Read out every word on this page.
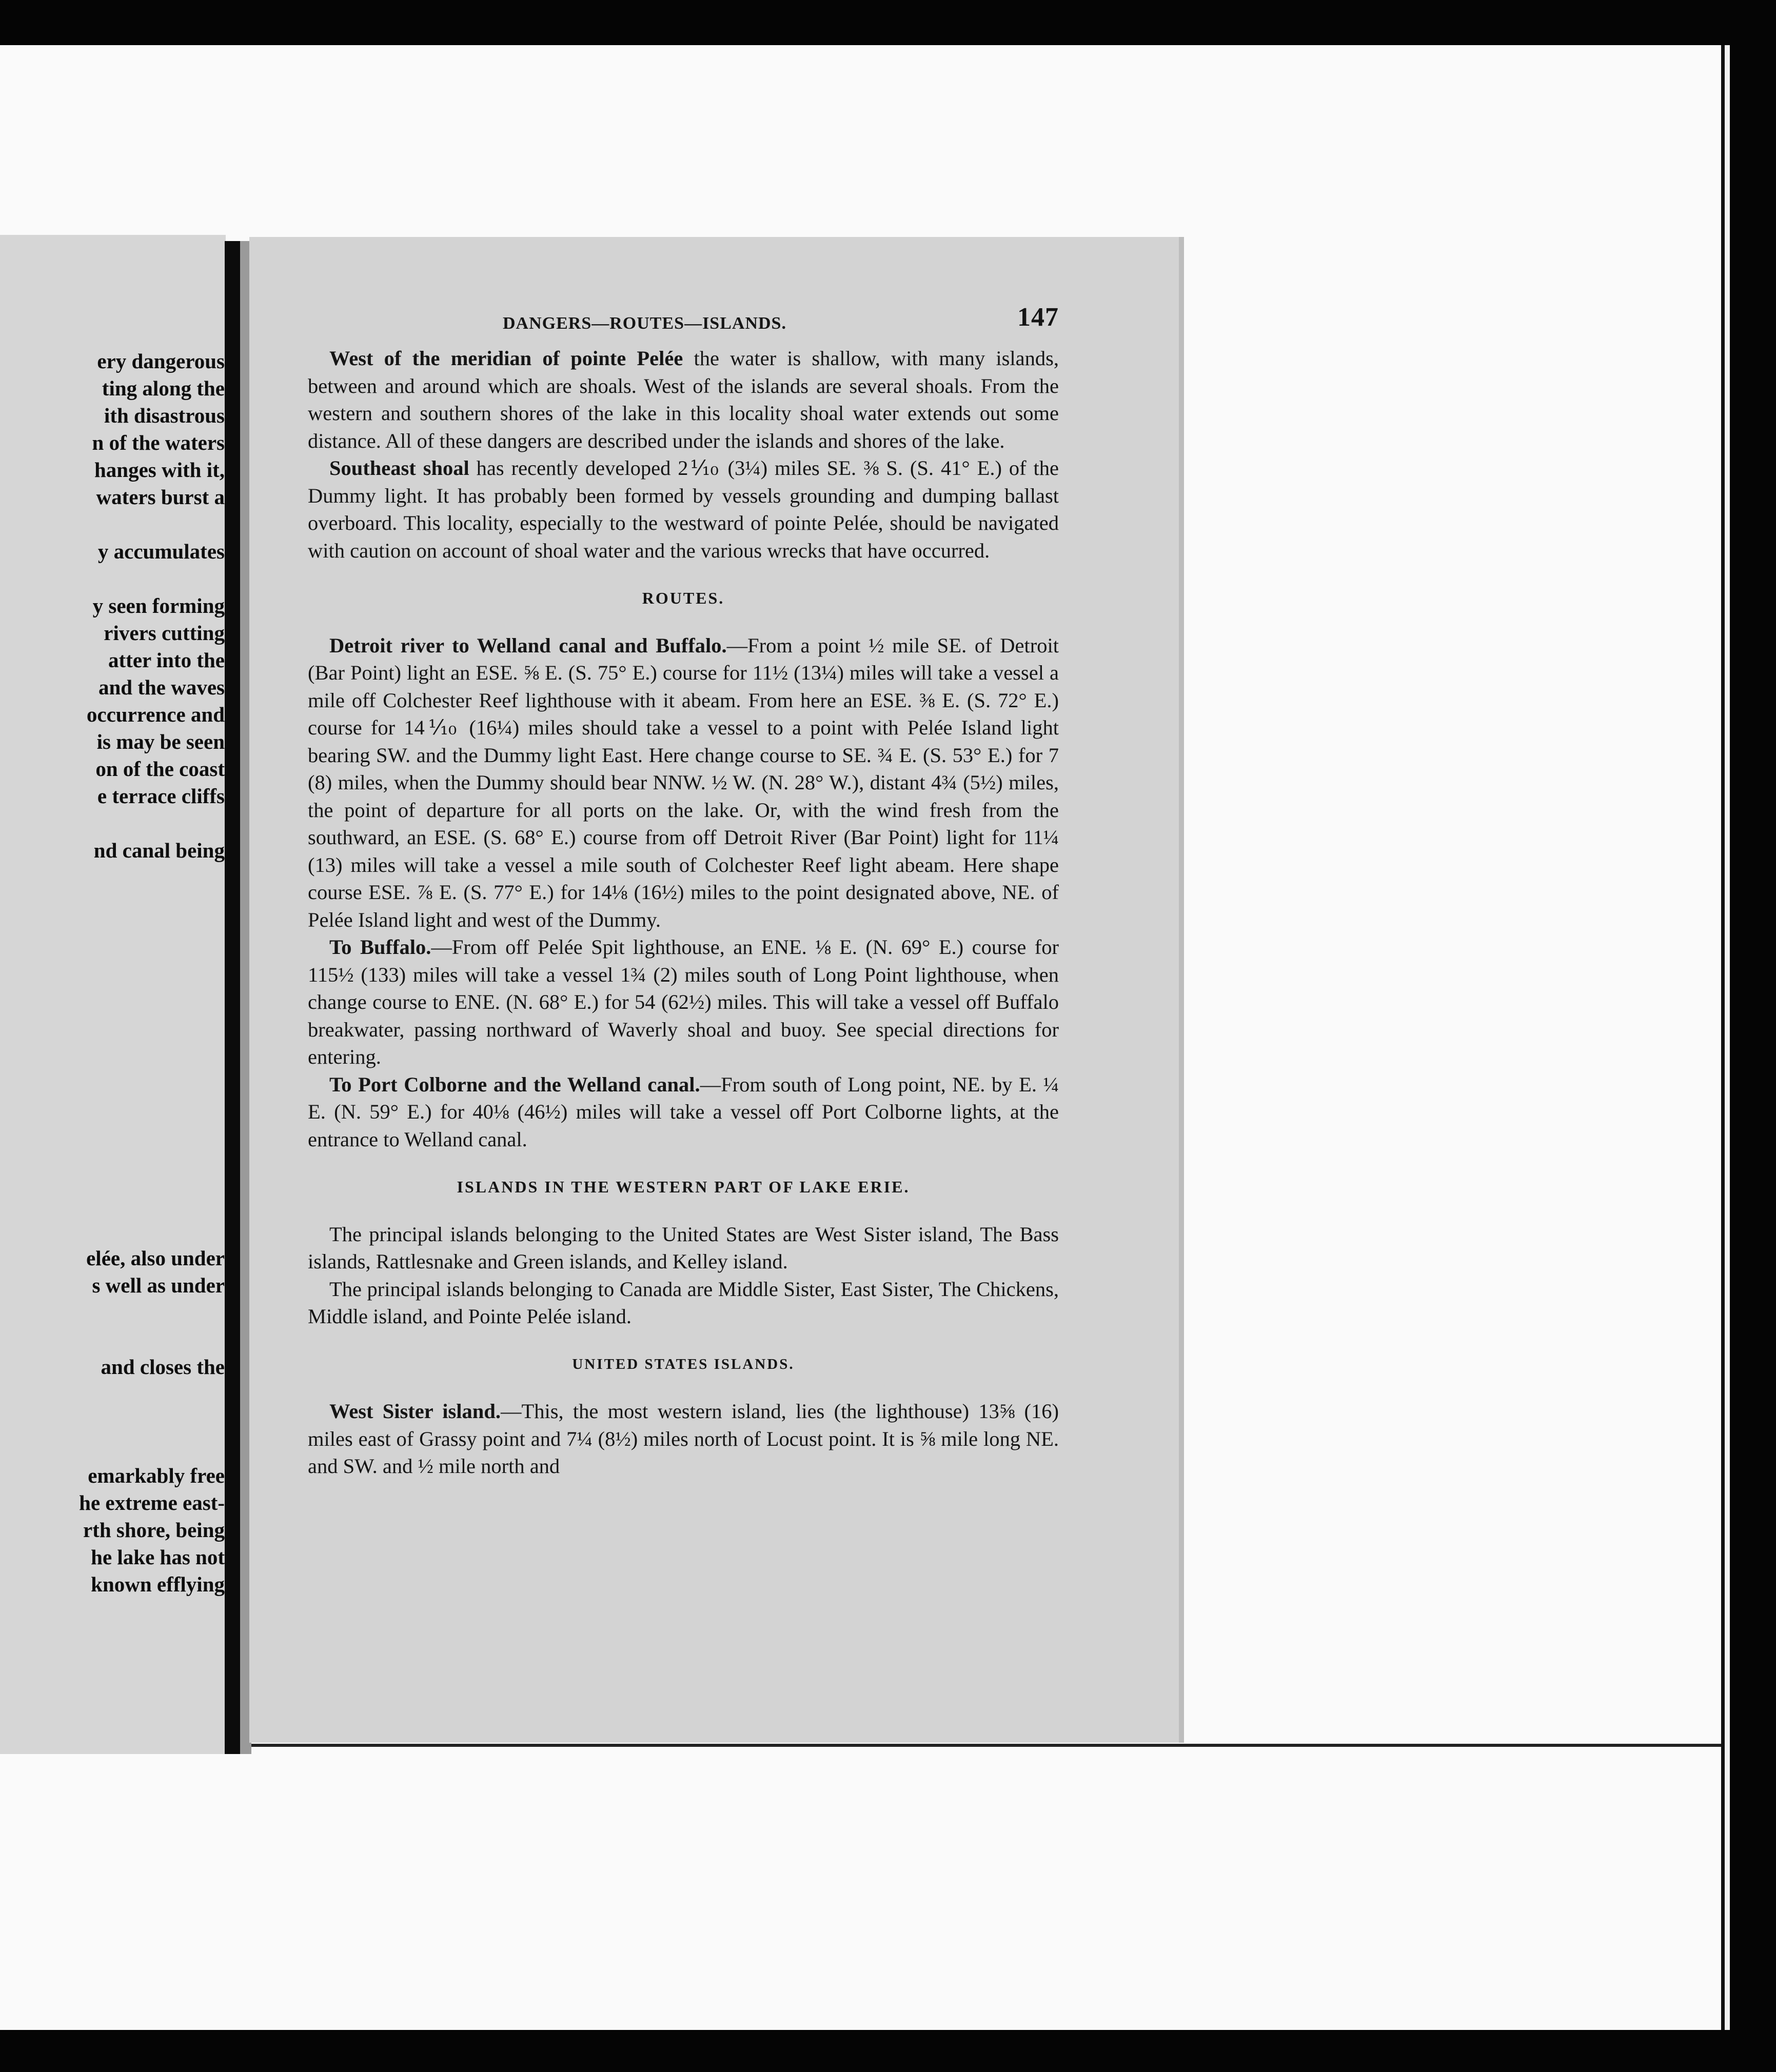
ery dangerous
ting along the
ith disastrous
n of the waters
hanges with it,
waters burst a
y accumulates
y seen forming
rivers cutting
atter into the
and the waves
occurrence and
is may be seen
on of the coast
e terrace cliffs
nd canal being
elée, also under
s well as under
and closes the
emarkably free
he extreme east-
rth shore, being
he lake has not
known efflying
DANGERS—ROUTES—ISLANDS.	147

West of the meridian of pointe Pelée the water is shallow, with many islands, between and around which are shoals. West of the islands are several shoals. From the western and southern shores of the lake in this locality shoal water extends out some distance. All of these dangers are described under the islands and shores of the lake.

Southeast shoal has recently developed 2⅒ (3¼) miles SE. ⅜ S. (S. 41° E.) of the Dummy light. It has probably been formed by vessels grounding and dumping ballast overboard. This locality, especially to the westward of pointe Pelée, should be navigated with caution on account of shoal water and the various wrecks that have occurred.

ROUTES.

Detroit river to Welland canal and Buffalo.—From a point ½ mile SE. of Detroit (Bar Point) light an ESE. ⅝ E. (S. 75° E.) course for 11½ (13¼) miles will take a vessel a mile off Colchester Reef lighthouse with it abeam. From here an ESE. ⅜ E. (S. 72° E.) course for 14⅒ (16¼) miles should take a vessel to a point with Pelée Island light bearing SW. and the Dummy light East. Here change course to SE. ¾ E. (S. 53° E.) for 7 (8) miles, when the Dummy should bear NNW. ½ W. (N. 28° W.), distant 4¾ (5½) miles, the point of departure for all ports on the lake. Or, with the wind fresh from the southward, an ESE. (S. 68° E.) course from off Detroit River (Bar Point) light for 11¼ (13) miles will take a vessel a mile south of Colchester Reef light abeam. Here shape course ESE. ⅞ E. (S. 77° E.) for 14⅛ (16½) miles to the point designated above, NE. of Pelée Island light and west of the Dummy.

To Buffalo.—From off Pelée Spit lighthouse, an ENE. ⅛ E. (N. 69° E.) course for 115½ (133) miles will take a vessel 1¾ (2) miles south of Long Point lighthouse, when change course to ENE. (N. 68° E.) for 54 (62½) miles. This will take a vessel off Buffalo breakwater, passing northward of Waverly shoal and buoy. See special directions for entering.

To Port Colborne and the Welland canal.—From south of Long point, NE. by E. ¼ E. (N. 59° E.) for 40⅛ (46½) miles will take a vessel off Port Colborne lights, at the entrance to Welland canal.

ISLANDS IN THE WESTERN PART OF LAKE ERIE.

The principal islands belonging to the United States are West Sister island, The Bass islands, Rattlesnake and Green islands, and Kelley island.

The principal islands belonging to Canada are Middle Sister, East Sister, The Chickens, Middle island, and Pointe Pelée island.

UNITED STATES ISLANDS.

West Sister island.—This, the most western island, lies (the lighthouse) 13⅝ (16) miles east of Grassy point and 7¼ (8½) miles north of Locust point. It is ⅝ mile long NE. and SW. and ½ mile north and
